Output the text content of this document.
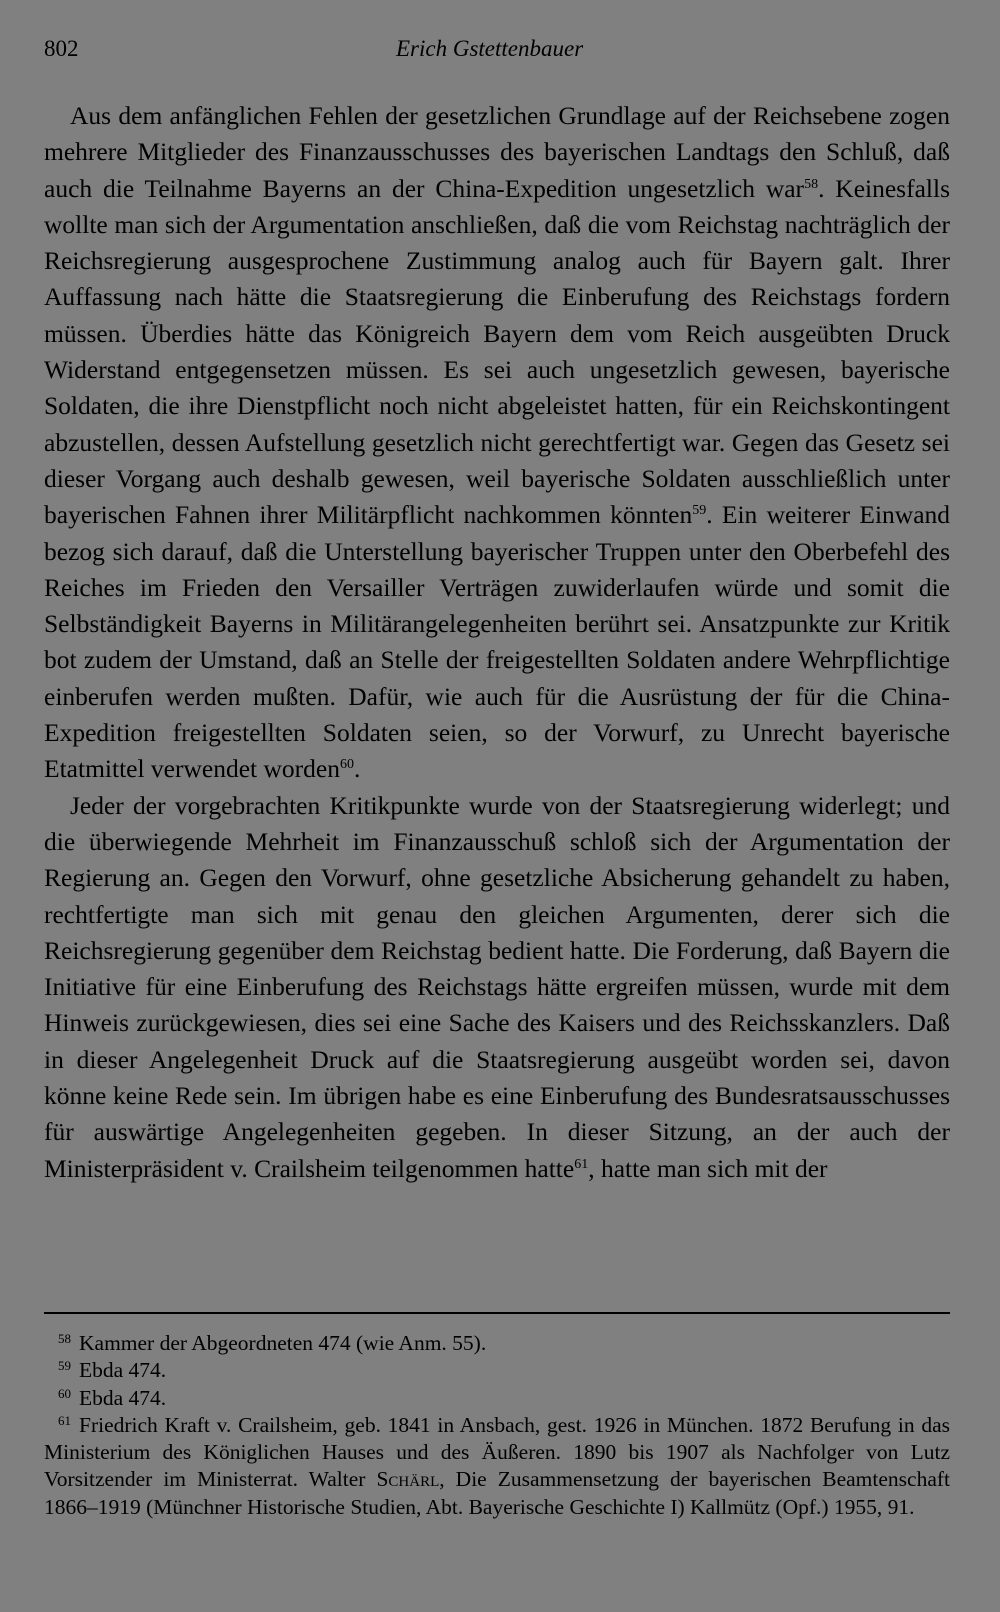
802	Erich Gstettenbauer

Aus dem anfänglichen Fehlen der gesetzlichen Grundlage auf der Reichsebene zogen mehrere Mitglieder des Finanzausschusses des bayerischen Landtags den Schluß, daß auch die Teilnahme Bayerns an der China-Expedition ungesetzlich war$^{58}$. Keinesfalls wollte man sich der Argumentation anschließen, daß die vom Reichstag nachträglich der Reichsregierung ausgesprochene Zustimmung analog auch für Bayern galt. Ihrer Auffassung nach hätte die Staatsregierung die Einberufung des Reichstags fordern müssen. Überdies hätte das Königreich Bayern dem vom Reich ausgeübten Druck Widerstand entgegensetzen müssen. Es sei auch ungesetzlich gewesen, bayerische Soldaten, die ihre Dienstpflicht noch nicht abgeleistet hatten, für ein Reichskontingent abzustellen, dessen Aufstellung gesetzlich nicht gerechtfertigt war. Gegen das Gesetz sei dieser Vorgang auch deshalb gewesen, weil bayerische Soldaten ausschließlich unter bayerischen Fahnen ihrer Militärpflicht nachkommen könnten$^{59}$. Ein weiterer Einwand bezog sich darauf, daß die Unterstellung bayerischer Truppen unter den Oberbefehl des Reiches im Frieden den Versailler Verträgen zuwiderlaufen würde und somit die Selbständigkeit Bayerns in Militärangelegenheiten berührt sei. Ansatzpunkte zur Kritik bot zudem der Umstand, daß an Stelle der freigestellten Soldaten andere Wehrpflichtige einberufen werden mußten. Dafür, wie auch für die Ausrüstung der für die China-Expedition freigestellten Soldaten seien, so der Vorwurf, zu Unrecht bayerische Etatmittel verwendet worden$^{60}$.

Jeder der vorgebrachten Kritikpunkte wurde von der Staatsregierung widerlegt; und die überwiegende Mehrheit im Finanzausschuß schloß sich der Argumentation der Regierung an. Gegen den Vorwurf, ohne gesetzliche Absicherung gehandelt zu haben, rechtfertigte man sich mit genau den gleichen Argumenten, derer sich die Reichsregierung gegenüber dem Reichstag bedient hatte. Die Forderung, daß Bayern die Initiative für eine Einberufung des Reichstags hätte ergreifen müssen, wurde mit dem Hinweis zurückgewiesen, dies sei eine Sache des Kaisers und des Reichsskanzlers. Daß in dieser Angelegenheit Druck auf die Staatsregierung ausgeübt worden sei, davon könne keine Rede sein. Im übrigen habe es eine Einberufung des Bundesratsausschusses für auswärtige Angelegenheiten gegeben. In dieser Sitzung, an der auch der Ministerpräsident v. Crailsheim teilgenommen hatte$^{61}$, hatte man sich mit der

$^{58}$ Kammer der Abgeordneten 474 (wie Anm. 55).

$^{59}$ Ebda 474.

$^{60}$ Ebda 474.

$^{61}$ Friedrich Kraft v. Crailsheim, geb. 1841 in Ansbach, gest. 1926 in München. 1872 Berufung in das Ministerium des Königlichen Hauses und des Äußeren. 1890 bis 1907 als Nachfolger von Lutz Vorsitzender im Ministerrat. Walter Schärl, Die Zusammensetzung der bayerischen Beamtenschaft 1866–1919 (Münchner Historische Studien, Abt. Bayerische Geschichte I) Kallmütz (Opf.) 1955, 91.
